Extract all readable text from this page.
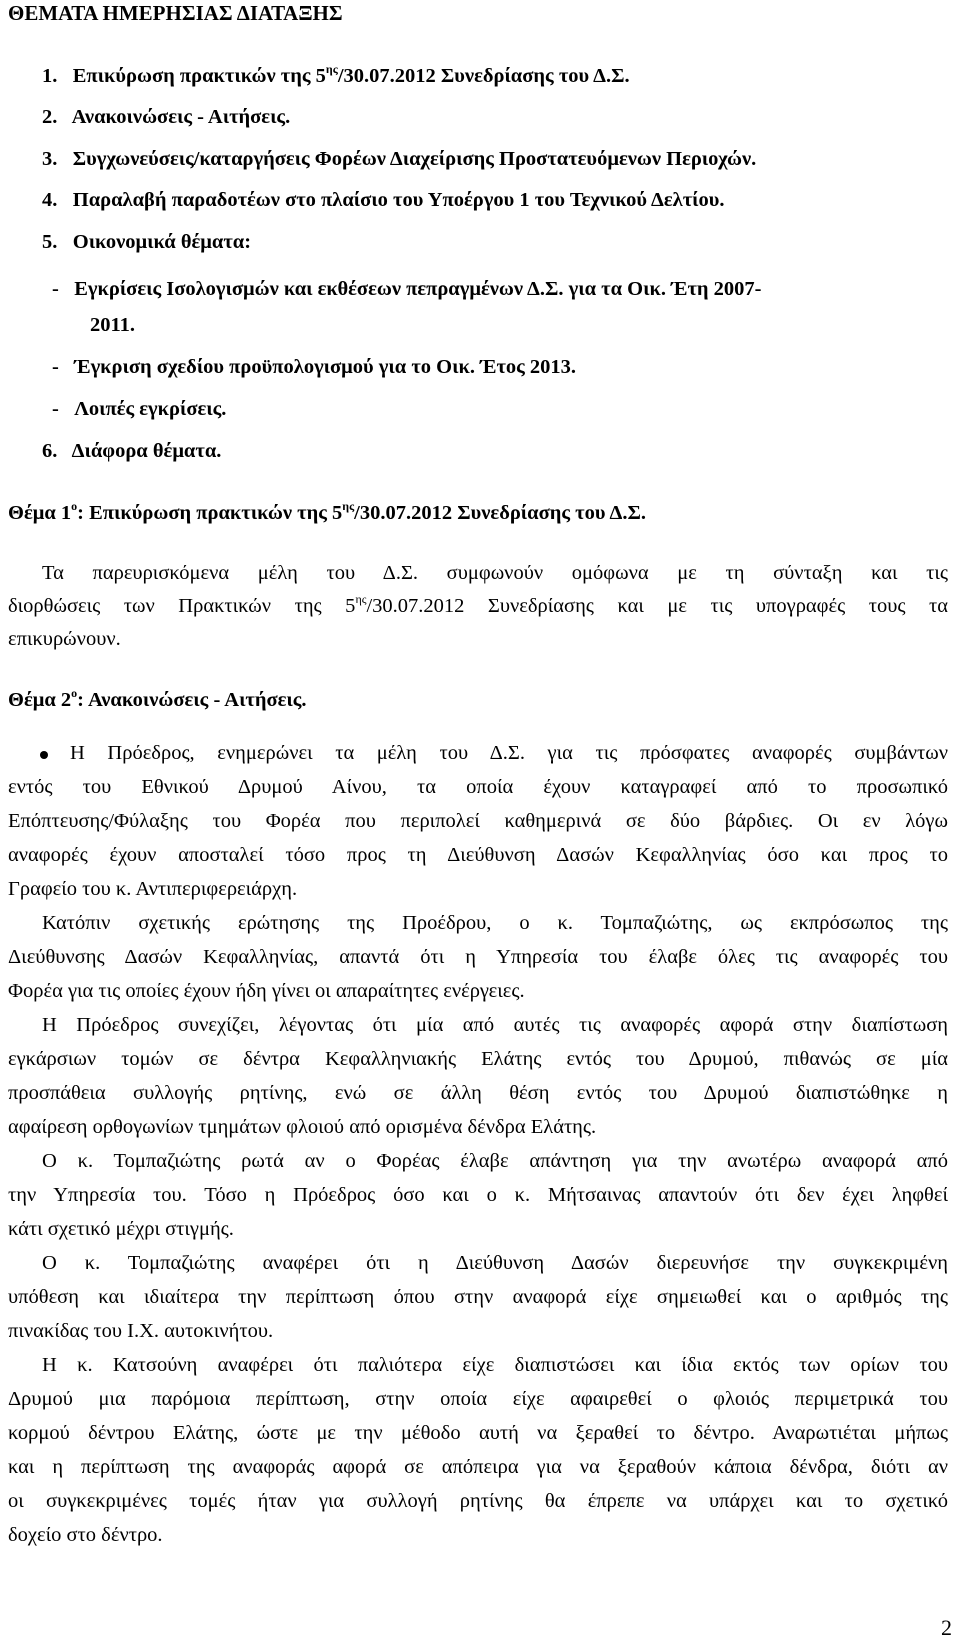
ΘΕΜΑΤΑ ΗΜΕΡΗΣΙΑΣ ΔΙΑΤΑΞΗΣ
1. Επικύρωση πρακτικών της $5^{\eta\varsigma}/30.07.2012$ Συνεδρίασης του Δ.Σ.
2. Ανακοινώσεις - Αιτήσεις.
3. Συγχωνεύσεις/καταργήσεις Φορέων Διαχείρισης Προστατευόμενων Περιοχών.
4. Παραλαβή παραδοτέων στο πλαίσιο του Υποέργου 1 του Τεχνικού Δελτίου.
5. Οικονομικά θέματα:
- Εγκρίσεις Ισολογισμών και εκθέσεων πεπραγμένων Δ.Σ. για τα Οικ. Έτη 2007-
2011.
- Έγκριση σχεδίου προϋπολογισμού για το Οικ. Έτος 2013.
- Λοιπές εγκρίσεις.
6. Διάφορα θέματα.
Θέμα $1^o$: Επικύρωση πρακτικών της $5^{\eta\varsigma}/30.07.2012$ Συνεδρίασης του Δ.Σ.
Τα παρευρισκόμενα μέλη του Δ.Σ. συμφωνούν ομόφωνα με τη σύνταξη και τις
διορθώσεις των Πρακτικών της $5^{\eta\varsigma}/30.07.2012$ Συνεδρίασης και με τις υπογραφές τους τα
επικυρώνουν.
Θέμα $2^o$: Ανακοινώσεις - Αιτήσεις.
Η Πρόεδρος, ενημερώνει τα μέλη του Δ.Σ. για τις πρόσφατες αναφορές συμβάντων
εντός του Εθνικού Δρυμού Αίνου, τα οποία έχουν καταγραφεί από το προσωπικό
Επόπτευσης/Φύλαξης του Φορέα που περιπολεί καθημερινά σε δύο βάρδιες. Οι εν λόγω
αναφορές έχουν αποσταλεί τόσο προς τη Διεύθυνση Δασών Κεφαλληνίας όσο και προς το
Γραφείο του κ. Αντιπεριφερειάρχη.
Κατόπιν σχετικής ερώτησης της Προέδρου, ο κ. Τομπαζιώτης, ως εκπρόσωπος της
Διεύθυνσης Δασών Κεφαλληνίας, απαντά ότι η Υπηρεσία του έλαβε όλες τις αναφορές του
Φορέα για τις οποίες έχουν ήδη γίνει οι απαραίτητες ενέργειες.
Η Πρόεδρος συνεχίζει, λέγοντας ότι μία από αυτές τις αναφορές αφορά στην διαπίστωση
εγκάρσιων τομών σε δέντρα Κεφαλληνιακής Ελάτης εντός του Δρυμού, πιθανώς σε μία
προσπάθεια συλλογής ρητίνης, ενώ σε άλλη θέση εντός του Δρυμού διαπιστώθηκε η
αφαίρεση ορθογωνίων τμημάτων φλοιού από ορισμένα δένδρα Ελάτης.
Ο κ. Τομπαζιώτης ρωτά αν ο Φορέας έλαβε απάντηση για την ανωτέρω αναφορά από
την Υπηρεσία του. Τόσο η Πρόεδρος όσο και ο κ. Μήτσαινας απαντούν ότι δεν έχει ληφθεί
κάτι σχετικό μέχρι στιγμής.
Ο κ. Τομπαζιώτης αναφέρει ότι η Διεύθυνση Δασών διερευνήσε την συγκεκριμένη
υπόθεση και ιδιαίτερα την περίπτωση όπου στην αναφορά είχε σημειωθεί και ο αριθμός της
πινακίδας του Ι.Χ. αυτοκινήτου.
Η κ. Κατσούνη αναφέρει ότι παλιότερα είχε διαπιστώσει και ίδια εκτός των ορίων του
Δρυμού μια παρόμοια περίπτωση, στην οποία είχε αφαιρεθεί ο φλοιός περιμετρικά του
κορμού δέντρου Ελάτης, ώστε με την μέθοδο αυτή να ξεραθεί το δέντρο. Αναρωτιέται μήπως
και η περίπτωση της αναφοράς αφορά σε απόπειρα για να ξεραθούν κάποια δένδρα, διότι αν
οι συγκεκριμένες τομές ήταν για συλλογή ρητίνης θα έπρεπε να υπάρχει και το σχετικό
δοχείο στο δέντρο.
2
